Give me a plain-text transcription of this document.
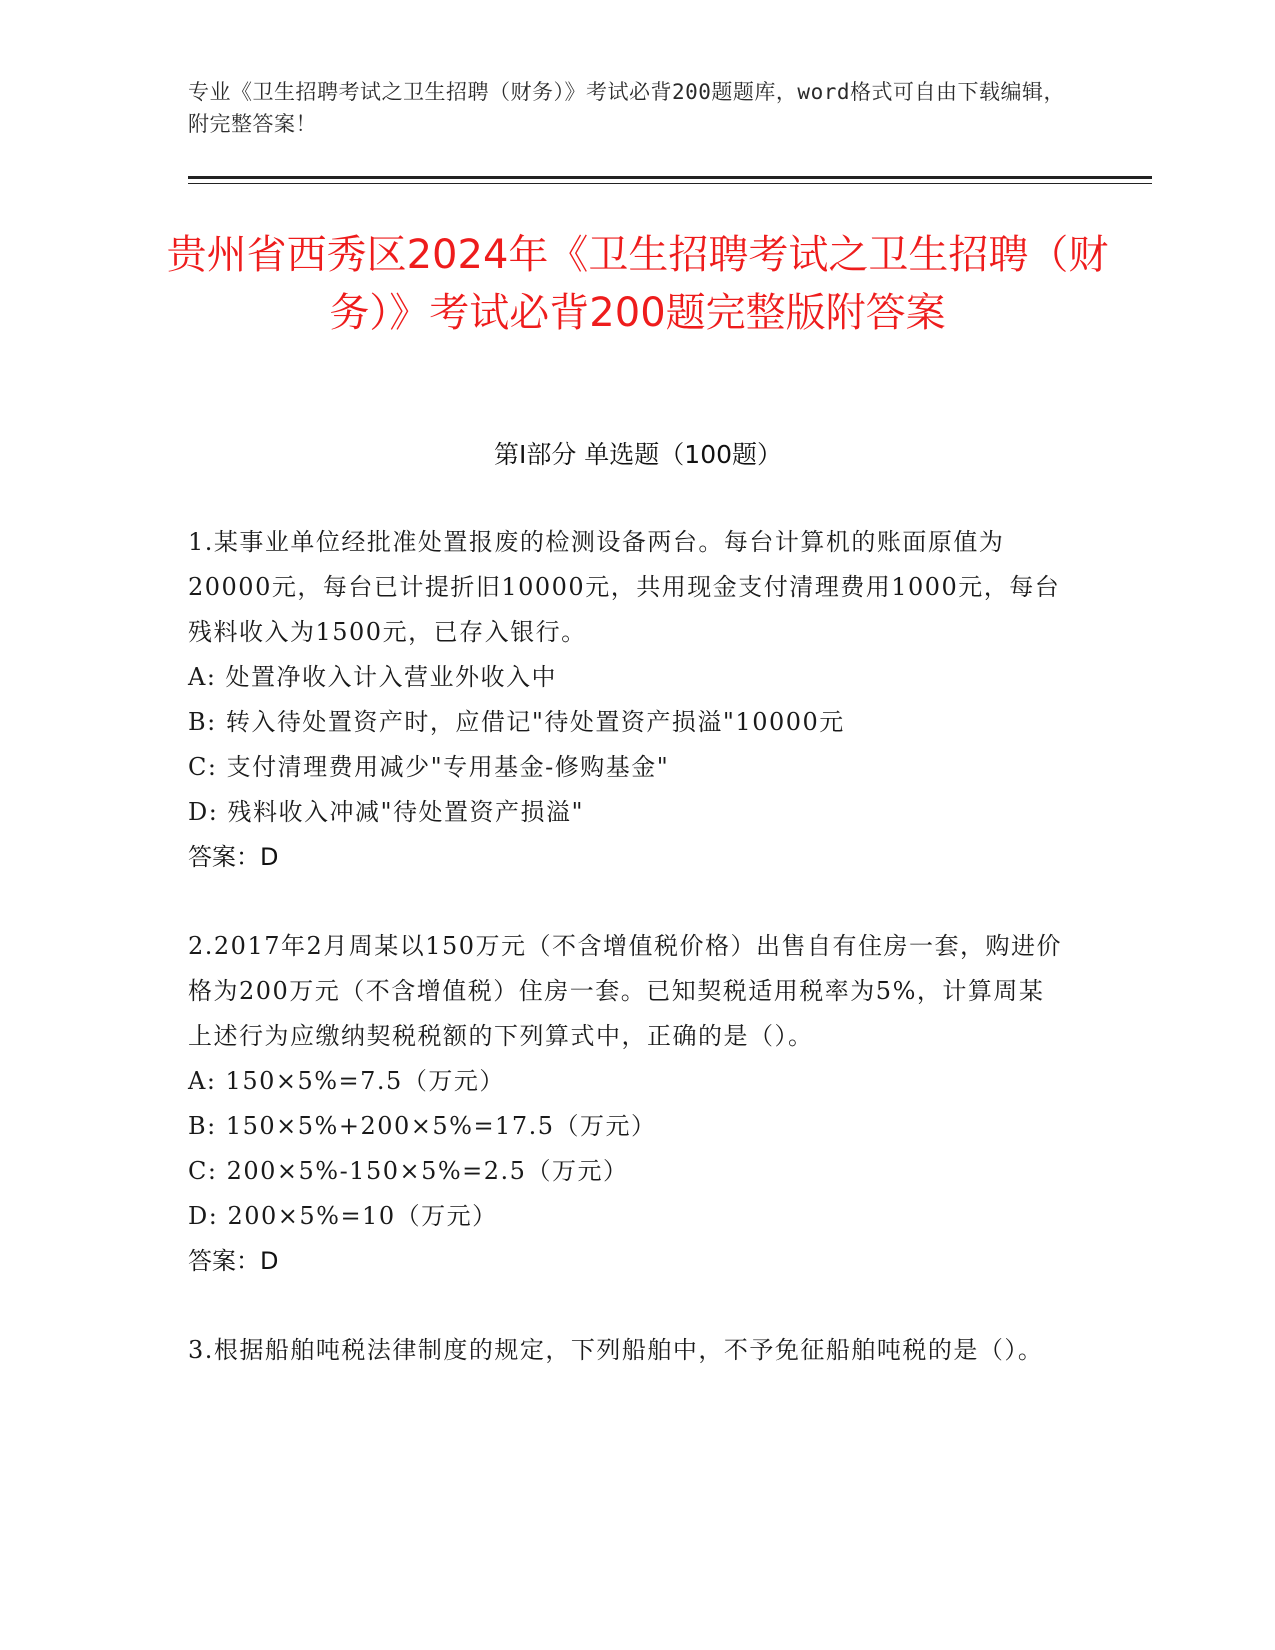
专业《卫生招聘考试之卫生招聘（财务）》考试必背200题题库，word格式可自由下载编辑，附完整答案！
贵州省西秀区2024年《卫生招聘考试之卫生招聘（财务）》考试必背200题完整版附答案
第Ⅰ部分 单选题（100题）
1.某事业单位经批准处置报废的检测设备两台。每台计算机的账面原值为20000元，每台已计提折旧10000元，共用现金支付清理费用1000元，每台残料收入为1500元，已存入银行。
A: 处置净收入计入营业外收入中
B: 转入待处置资产时，应借记"待处置资产损溢"10000元
C: 支付清理费用减少"专用基金-修购基金"
D: 残料收入冲减"待处置资产损溢"
答案：D
2.2017年2月周某以150万元（不含增值税价格）出售自有住房一套，购进价格为200万元（不含增值税）住房一套。已知契税适用税率为5%，计算周某上述行为应缴纳契税税额的下列算式中，正确的是（）。
A: 150×5%=7.5（万元）
B: 150×5%+200×5%=17.5（万元）
C: 200×5%-150×5%=2.5（万元）
D: 200×5%=10（万元）
答案：D
3.根据船舶吨税法律制度的规定，下列船舶中，不予免征船舶吨税的是（）。
